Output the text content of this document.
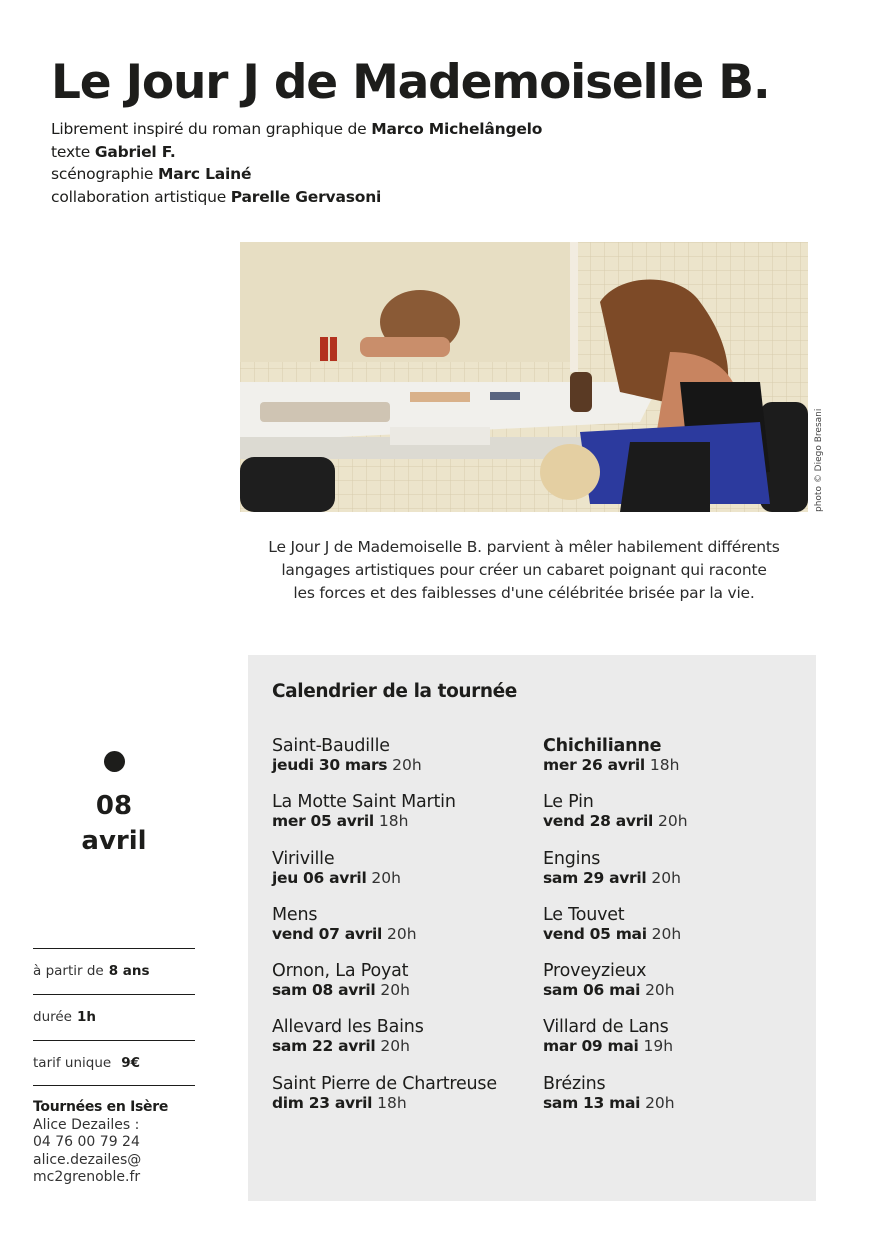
Le Jour J de Mademoiselle B.
Librement inspiré du roman graphique de Marco Michelângelo
texte Gabriel F.
scénographie Marc Lainé
collaboration artistique Parelle Gervasoni
photo © Diego Bresani
Le Jour J de Mademoiselle B. parvient à mêler habilement différents
langages artistiques pour créer un cabaret poignant qui raconte
les forces et des faiblesses d'une célébritée brisée par la vie.
08
avril
à partir de 8 ans
durée 1h
tarif unique 9€
Tournées en Isère
Alice Dezailes :
04 76 00 79 24
alice.dezailes@
mc2grenoble.fr
Calendrier de la tournée
Saint-Baudille
jeudi 30 mars 20h
La Motte Saint Martin
mer 05 avril 18h
Viriville
jeu 06 avril 20h
Mens
vend 07 avril 20h
Ornon, La Poyat
sam 08 avril 20h
Allevard les Bains
sam 22 avril 20h
Saint Pierre de Chartreuse
dim 23 avril 18h
Chichilianne
mer 26 avril 18h
Le Pin
vend 28 avril 20h
Engins
sam 29 avril 20h
Le Touvet
vend 05 mai 20h
Proveyzieux
sam 06 mai 20h
Villard de Lans
mar 09 mai 19h
Brézins
sam 13 mai 20h
